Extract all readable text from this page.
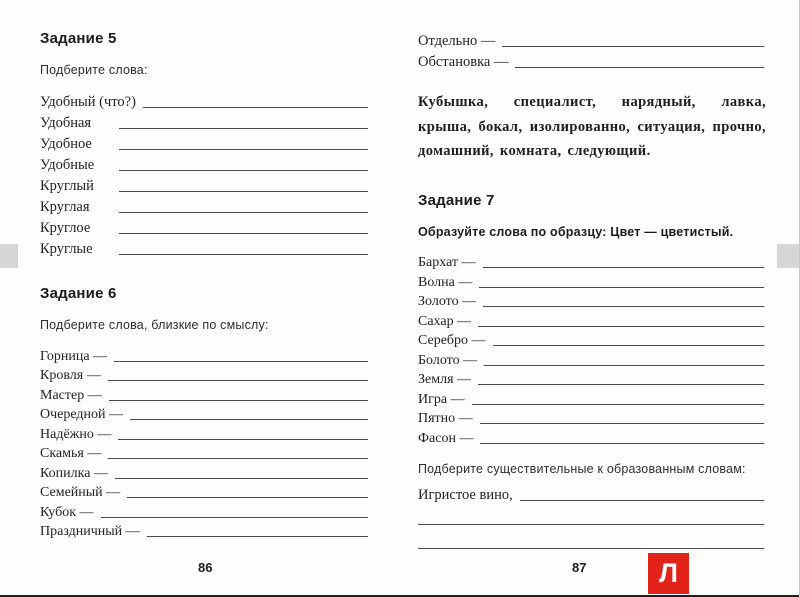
Задание 5
Подберите слова:
Удобный (что?)
Удобная
Удобное
Удобные
Круглый
Круглая
Круглое
Круглые
Задание 6
Подберите слова, близкие по смыслу:
Горница —
Кровля —
Мастер —
Очередной —
Надёжно —
Скамья —
Копилка —
Семейный —
Кубок —
Праздничный —
Отдельно —
Обстановка —
Кубышка, специалист, нарядный, лавка, крыша, бокал, изолированно, ситуация, прочно, домашний, комната, следующий.
Задание 7
Образуйте слова по образцу: Цвет — цветистый.
Бархат —
Волна —
Золото —
Сахар —
Серебро —
Болото —
Земля —
Игра —
Пятно —
Фасон —
Подберите существительные к образованным словам:
Игристое вино,
86	87	Л
